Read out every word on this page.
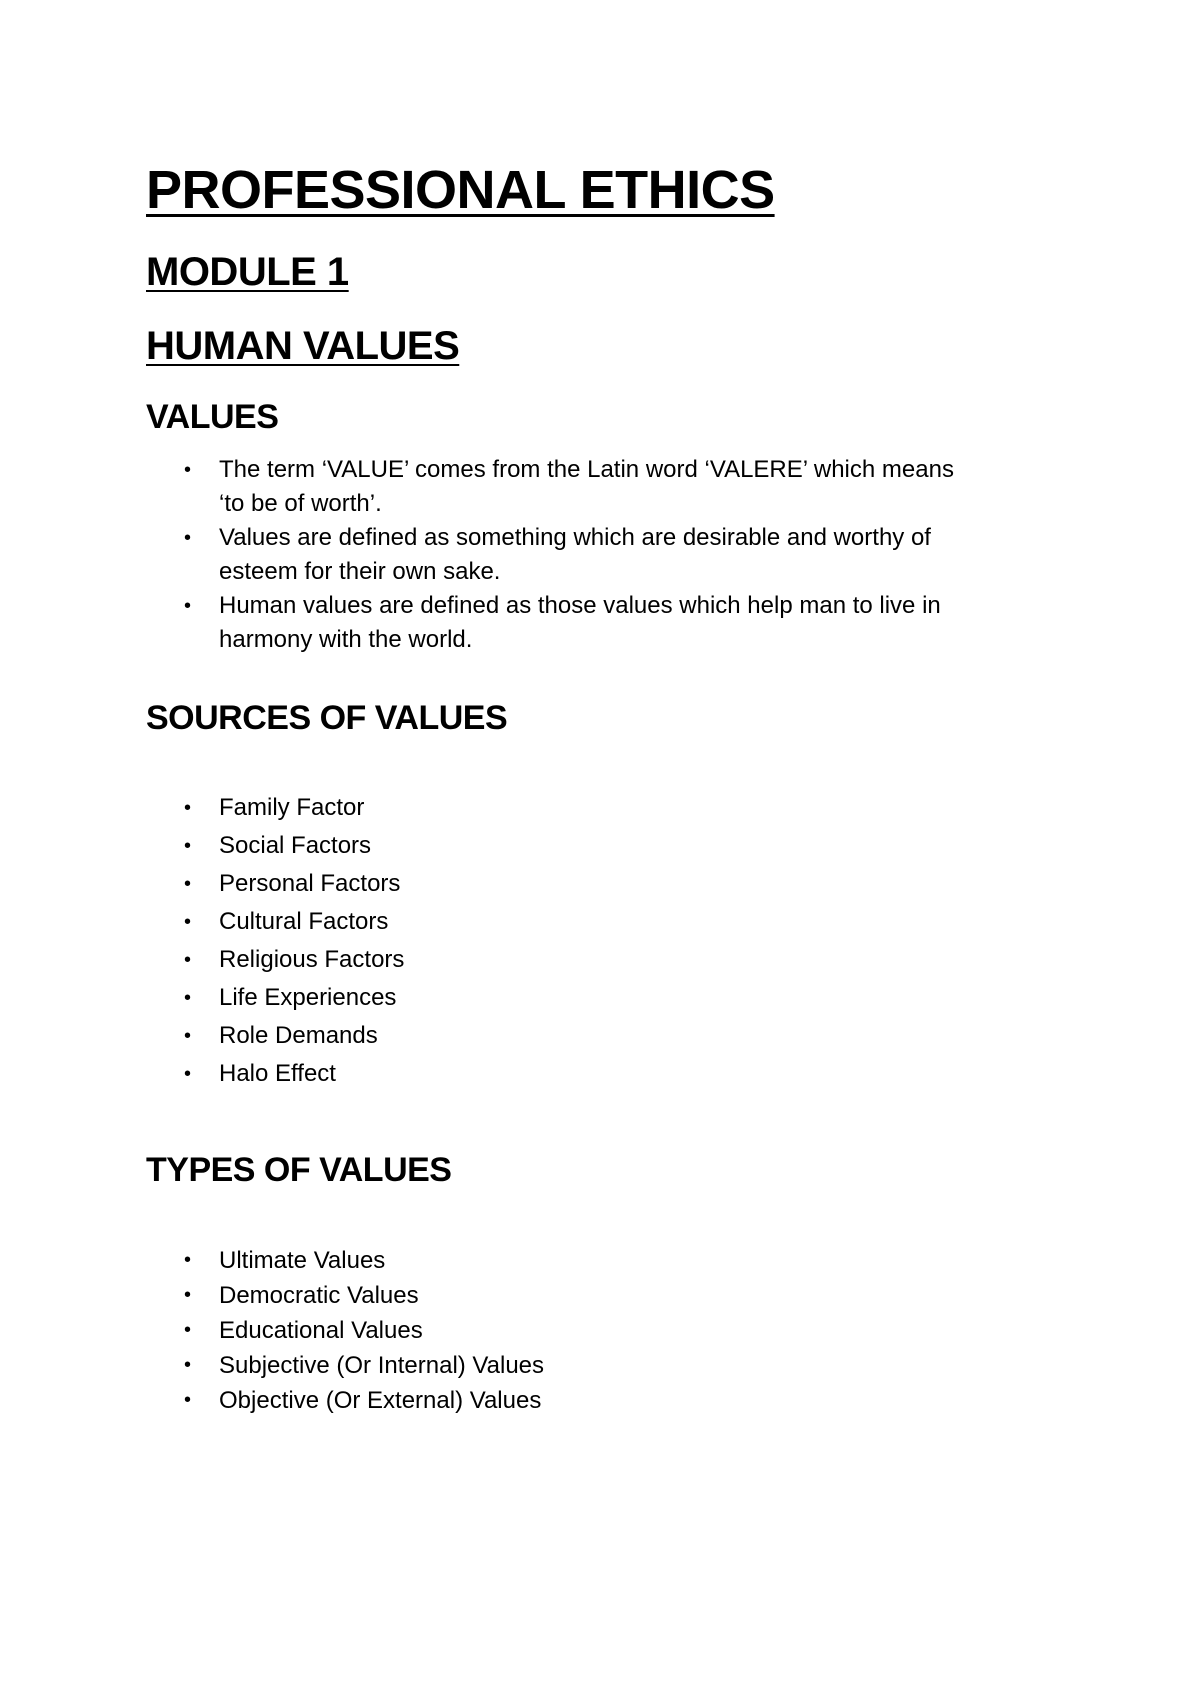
PROFESSIONAL ETHICS
MODULE 1
HUMAN VALUES
VALUES
• The term ‘VALUE’ comes from the Latin word ‘VALERE’ which means ‘to be of worth’.
• Values are defined as something which are desirable and worthy of esteem for their own sake.
• Human values are defined as those values which help man to live in harmony with the world.
SOURCES OF VALUES
• Family Factor
• Social Factors
• Personal Factors
• Cultural Factors
• Religious Factors
• Life Experiences
• Role Demands
• Halo Effect
TYPES OF VALUES
• Ultimate Values
• Democratic Values
• Educational Values
• Subjective (Or Internal) Values
• Objective (Or External) Values
